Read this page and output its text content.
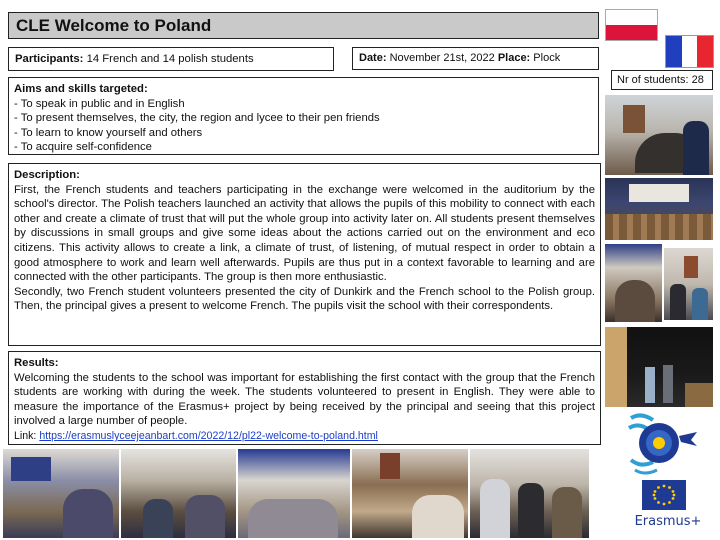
CLE Welcome to Poland
Participants: 14 French and 14 polish students	Date: November 21st, 2022 Place: Plock
Aims and skills targeted:
- To speak in public and in English
- To present themselves, the city, the region and lycee to their pen friends
- To learn to know yourself and others
- To acquire self-confidence
Description:

First, the French students and teachers participating in the exchange were welcomed in the auditorium by the school's director. The Polish teachers launched an activity that allows the pupils of this mobility to connect with each other and create a climate of trust that will put the whole group into activity later on. All students present themselves by discussions in small groups and give some ideas about the actions carried out on the environment and eco citizens. This activity allows to create a link, a climate of trust, of listening, of mutual respect in order to obtain a good atmosphere to work and learn well afterwards. Pupils are thus put in a context favorable to learning and are connected with the other participants. The group is then more enthusiastic.

Secondly, two French student volunteers presented the city of Dunkirk and the French school to the Polish group. Then, the principal gives a present to welcome French. The pupils visit the school with their correspondents.

Results:

Welcoming the students to the school was important for establishing the first contact with the group that the French students are working with during the week. The students volunteered to present in English. They were able to measure the importance of the Erasmus+ project by being received by the principal and seeing that this project involved a large number of people.

Link: https://erasmuslyceejeanbart.com/2022/12/pl22-welcome-to-poland.html
Nr of students: 28
Erasmus+
